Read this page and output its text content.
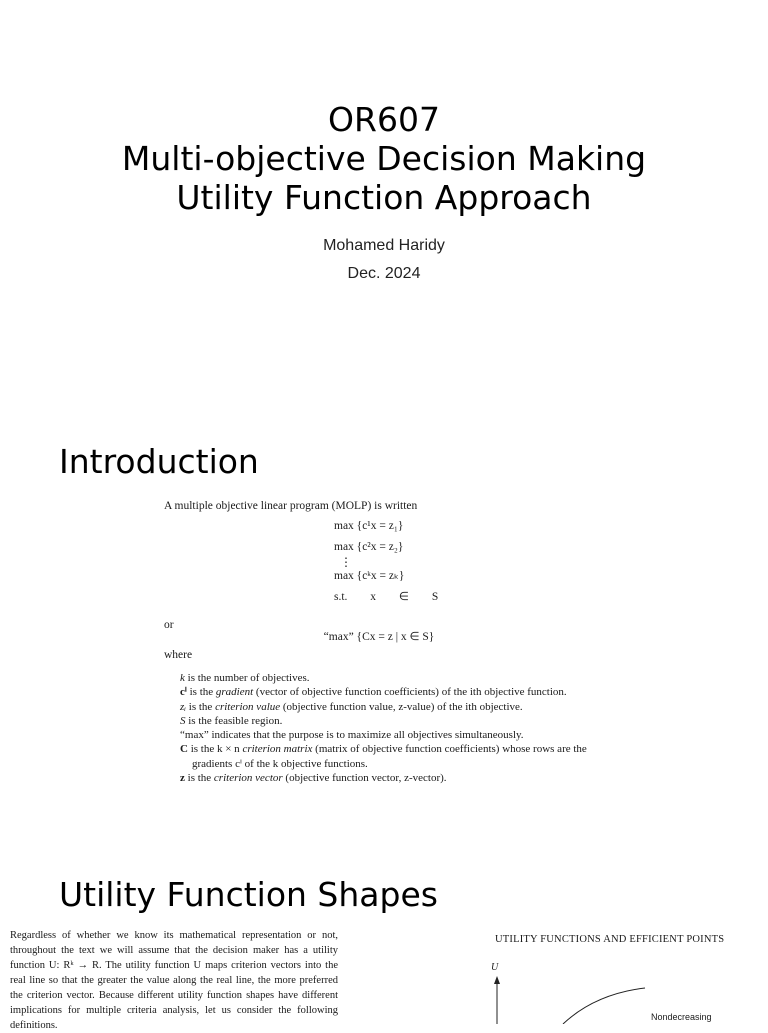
OR607
Multi-objective Decision Making
Utility Function Approach
Mohamed Haridy
Dec. 2024
Introduction
A multiple objective linear program (MOLP) is written
max {c¹x = z₁}
max {c²x = z₂}
⋮
max {cᵏx = zₖ}
s.t. x ∈ S
or
“max” {Cx = z | x ∈ S}
where
k is the number of objectives.
cⁱ is the gradient (vector of objective function coefficients) of the ith objective function.
zᵢ is the criterion value (objective function value, z-value) of the ith objective.
S is the feasible region.
“max” indicates that the purpose is to maximize all objectives simultaneously.
C is the k × n criterion matrix (matrix of objective function coefficients) whose rows are the gradients cⁱ of the k objective functions.
z is the criterion vector (objective function vector, z-vector).
Utility Function Shapes
Regardless of whether we know its mathematical representation or not, throughout the text we will assume that the decision maker has a utility function U: Rᵏ → R. The utility function U maps criterion vectors into the real line so that the greater the value along the real line, the more preferred the criterion vector. Because different utility function shapes have different implications for multiple criteria analysis, let us consider the following definitions.
UTILITY FUNCTIONS AND EFFICIENT POINTS
U
Nondecreasing
